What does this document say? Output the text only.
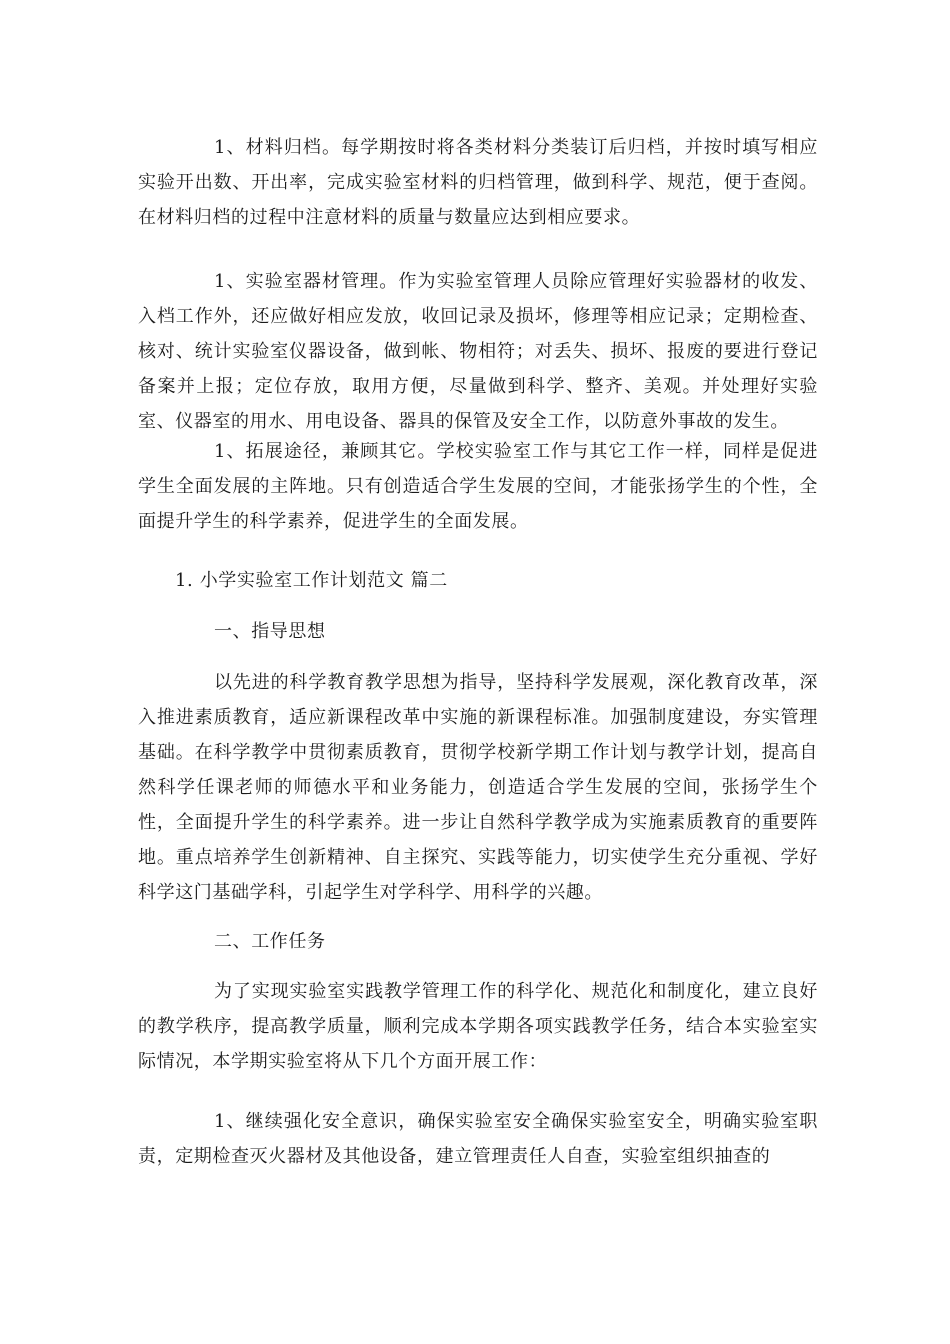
1、材料归档。每学期按时将各类材料分类装订后归档，并按时填写相应实验开出数、开出率，完成实验室材料的归档管理，做到科学、规范，便于查阅。在材料归档的过程中注意材料的质量与数量应达到相应要求。

1、实验室器材管理。作为实验室管理人员除应管理好实验器材的收发、入档工作外，还应做好相应发放，收回记录及损坏，修理等相应记录；定期检查、核对、统计实验室仪器设备，做到帐、物相符；对丢失、损坏、报废的要进行登记备案并上报；定位存放，取用方便，尽量做到科学、整齐、美观。并处理好实验室、仪器室的用水、用电设备、器具的保管及安全工作，以防意外事故的发生。

1、拓展途径，兼顾其它。学校实验室工作与其它工作一样，同样是促进学生全面发展的主阵地。只有创造适合学生发展的空间，才能张扬学生的个性，全面提升学生的科学素养，促进学生的全面发展。

1. 小学实验室工作计划范文 篇二
一、指导思想

以先进的科学教育教学思想为指导，坚持科学发展观，深化教育改革，深入推进素质教育，适应新课程改革中实施的新课程标准。加强制度建设，夯实管理基础。在科学教学中贯彻素质教育，贯彻学校新学期工作计划与教学计划，提高自然科学任课老师的师德水平和业务能力，创造适合学生发展的空间，张扬学生个性，全面提升学生的科学素养。进一步让自然科学教学成为实施素质教育的重要阵地。重点培养学生创新精神、自主探究、实践等能力，切实使学生充分重视、学好科学这门基础学科，引起学生对学科学、用科学的兴趣。

二、工作任务

为了实现实验室实践教学管理工作的科学化、规范化和制度化，建立良好的教学秩序，提高教学质量，顺利完成本学期各项实践教学任务，结合本实验室实际情况，本学期实验室将从下几个方面开展工作：

1、继续强化安全意识，确保实验室安全确保实验室安全，明确实验室职责，定期检查灭火器材及其他设备，建立管理责任人自查，实验室组织抽查的
